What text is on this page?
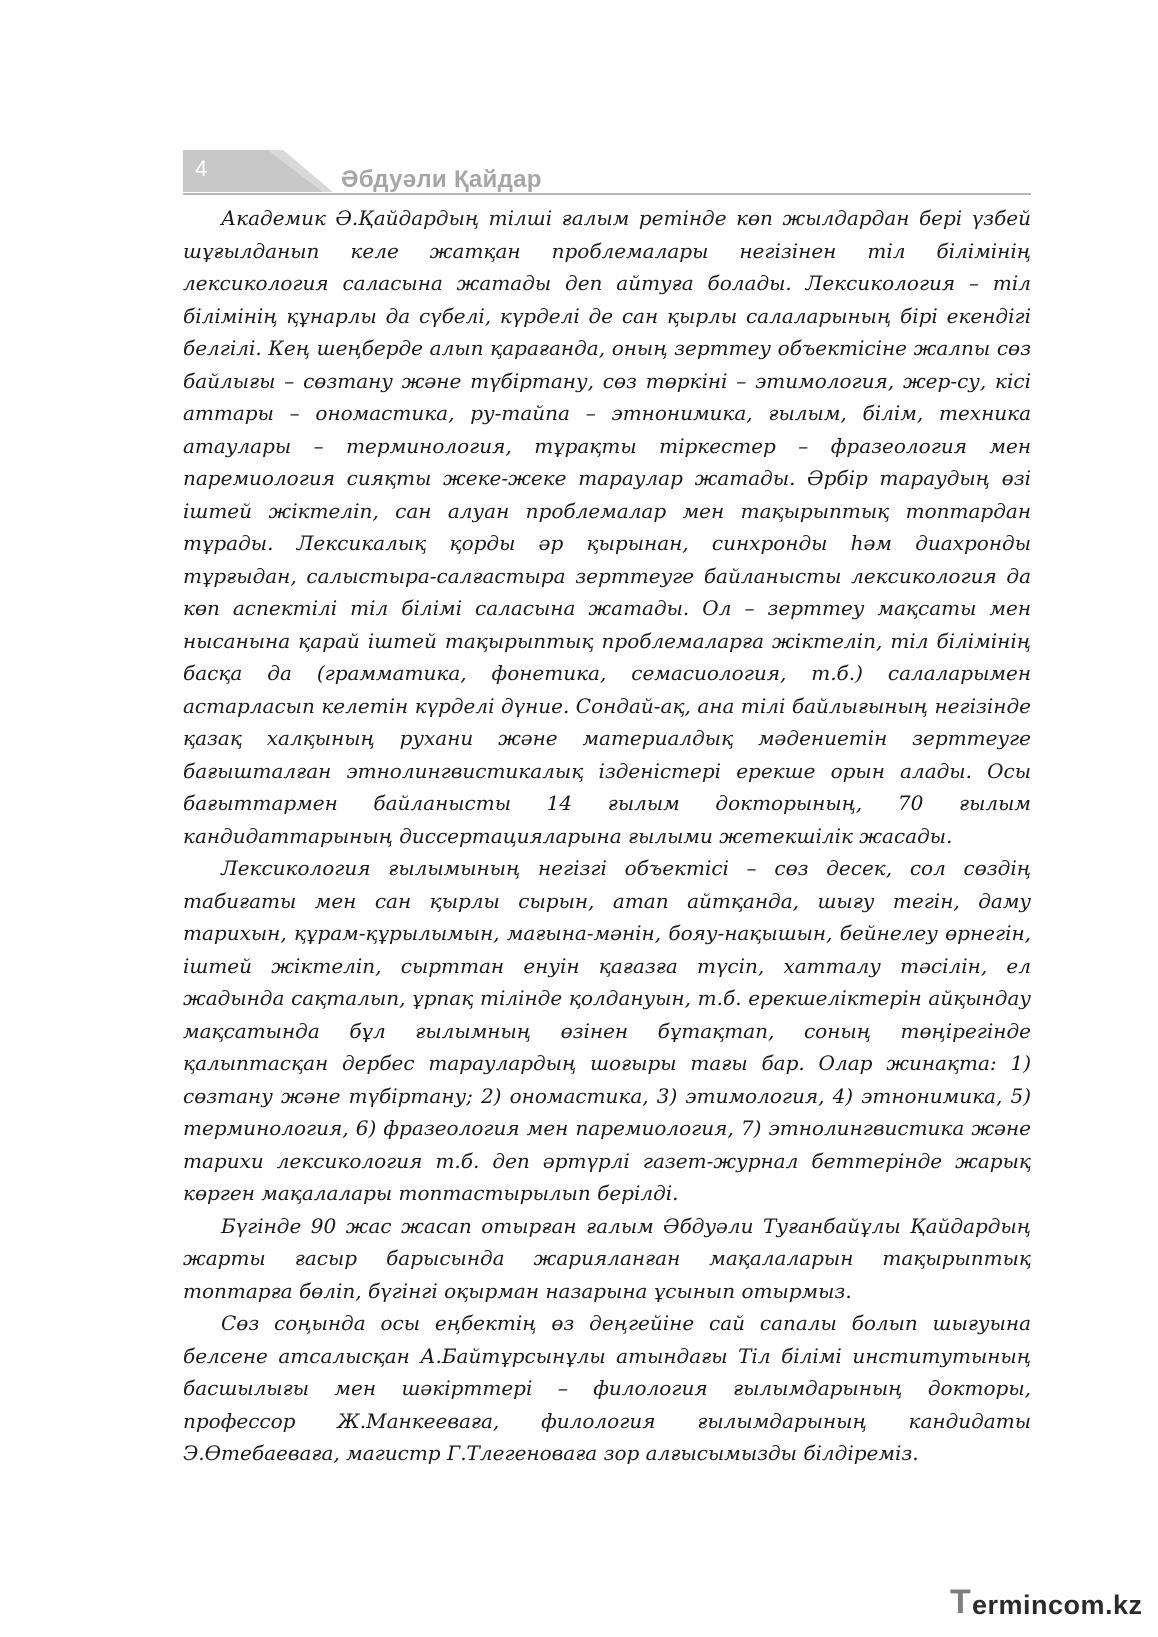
4	Әбдуәли Қайдар

Академик Ә.Қайдардың тілші ғалым ретінде көп жылдардан бері үзбей шұғылданып келе жатқан проблемалары негізінен тіл білімінің лексикология саласына жатады деп айтуға болады. Лексикология – тіл білімінің құнарлы да сүбелі, күрделі де сан қырлы салаларының бірі екендігі белгілі. Кең шеңберде алып қарағанда, оның зерттеу объектісіне жалпы сөз байлығы – сөзтану және түбіртану, сөз төркіні – этимология, жер-су, кісі аттары – ономастика, ру-тайпа – этнонимика, ғылым, білім, техника атаулары – терминология, тұрақты тіркестер – фразеология мен паремиология сияқты жеке-жеке тараулар жатады. Әрбір тараудың өзі іштей жіктеліп, сан алуан проблемалар мен тақырыптық топтардан тұрады. Лексикалық қорды әр қырынан, синхронды һәм диахронды тұрғыдан, салыстыра-салғастыра зерттеуге байланысты лексикология да көп аспектілі тіл білімі саласына жатады. Ол – зерттеу мақсаты мен нысанына қарай іштей тақырыптық проблемаларға жіктеліп, тіл білімінің басқа да (грамматика, фонетика, семасиология, т.б.) салаларымен астарласып келетін күрделі дүние. Сондай-ақ, ана тілі байлығының негізінде қазақ халқының рухани және материалдық мәдениетін зерттеуге бағышталған этнолингвистикалық ізденістері ерекше орын алады. Осы бағыттармен байланысты 14 ғылым докторының, 70 ғылым кандидаттарының диссертацияларына ғылыми жетекшілік жасады.

Лексикология ғылымының негізгі объектісі – сөз десек, сол сөздің табиғаты мен сан қырлы сырын, атап айтқанда, шығу тегін, даму тарихын, құрам-құрылымын, мағына-мәнін, бояу-нақышын, бейнелеу өрнегін, іштей жіктеліп, сырттан енуін қағазға түсіп, хатталу тәсілін, ел жадында сақталып, ұрпақ тілінде қолдануын, т.б. ерекшеліктерін айқындау мақсатында бұл ғылымның өзінен бұтақтап, соның төңірегінде қалыптасқан дербес тараулардың шоғыры тағы бар. Олар жинақта: 1) сөзтану және түбіртану; 2) ономастика, 3) этимология, 4) этнонимика, 5) терминология, 6) фразеология мен паремиология, 7) этнолингвистика және тарихи лексикология т.б. деп әртүрлі газет-журнал беттерінде жарық көрген мақалалары топтастырылып берілді.

Бүгінде 90 жас жасап отырған ғалым Әбдуәли Туғанбайұлы Қайдардың жарты ғасыр барысында жарияланған мақалаларын тақырыптық топтарға бөліп, бүгінгі оқырман назарына ұсынып отырмыз.

Сөз соңында осы еңбектің өз деңгейіне сай сапалы болып шығуына белсене атсалысқан А.Байтұрсынұлы атындағы Тіл білімі институтының басшылығы мен шәкірттері – филология ғылымдарының докторы, профессор Ж.Манкееваға, филология ғылымдарының кандидаты Э.Өтебаеваға, магистр Г.Тлегеноваға зор алғысымызды білдіреміз.

T ermincom.kz
